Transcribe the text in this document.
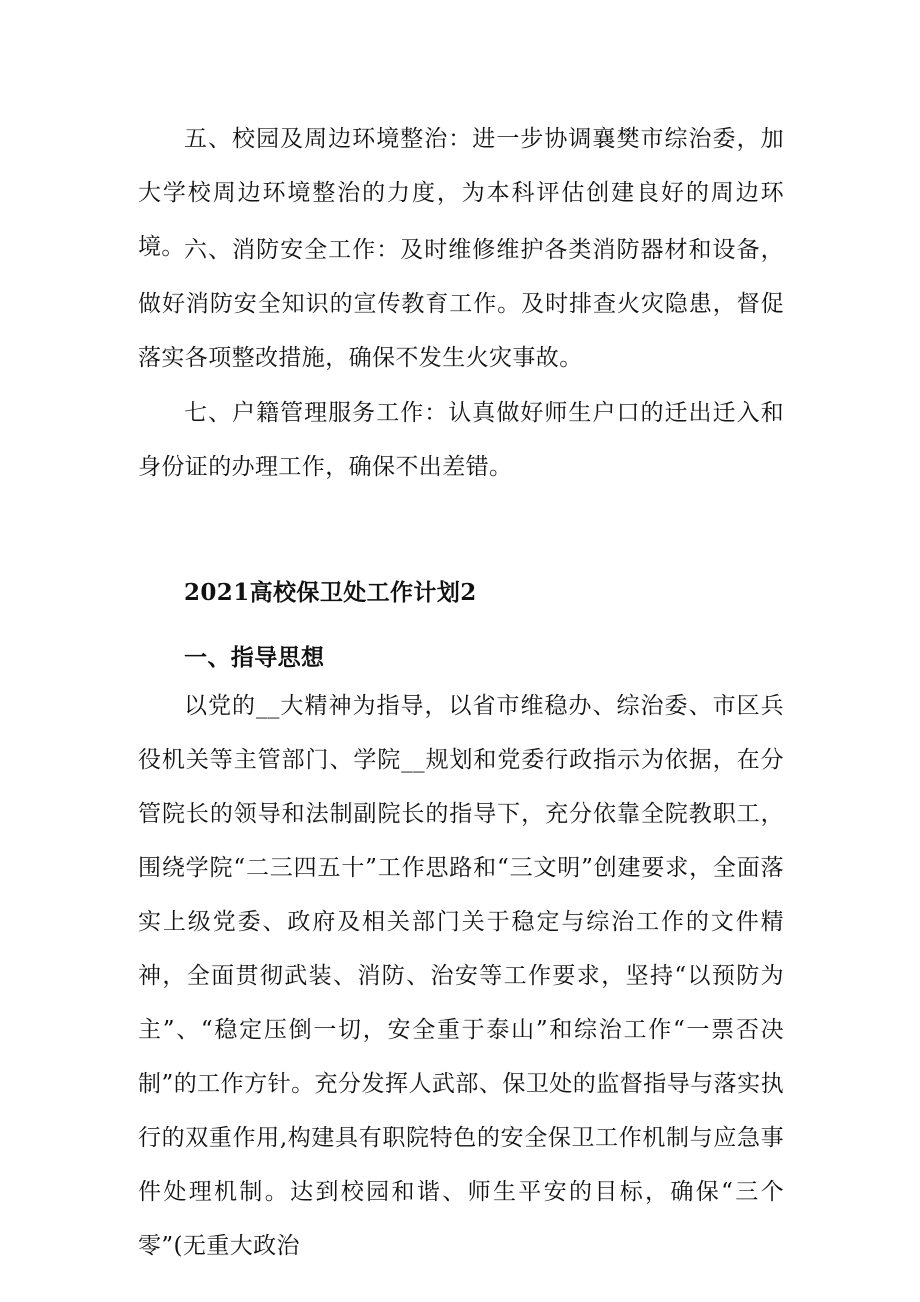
五、校园及周边环境整治：进一步协调襄樊市综治委，加大学校周边环境整治的力度，为本科评估创建良好的周边环境。 六、消防安全工作：及时维修维护各类消防器材和设备，做好消防安全知识的宣传教育工作。及时排查火灾隐患，督促落实各项整改措施，确保不发生火灾事故。

七、户籍管理服务工作：认真做好师生户口的迁出迁入和身份证的办理工作，确保不出差错。

2021高校保卫处工作计划2
一、指导思想

以党的__大精神为指导，以省市维稳办、综治委、市区兵役机关等主管部门、学院__规划和党委行政指示为依据，在分管院长的领导和法制副院长的指导下，充分依靠全院教职工，围绕学院“二三四五十”工作思路和“三文明”创建要求，全面落实上级党委、政府及相关部门关于稳定与综治工作的文件精神，全面贯彻武装、消防、治安等工作要求，坚持“以预防为主”、“稳定压倒一切，安全重于泰山”和综治工作“一票否决制”的工作方针。充分发挥人武部、保卫处的监督指导与落实执行的双重作用,构建具有职院特色的安全保卫工作机制与应急事件处理机制。达到校园和谐、师生平安的目标，确保“三个零”(无重大政治
